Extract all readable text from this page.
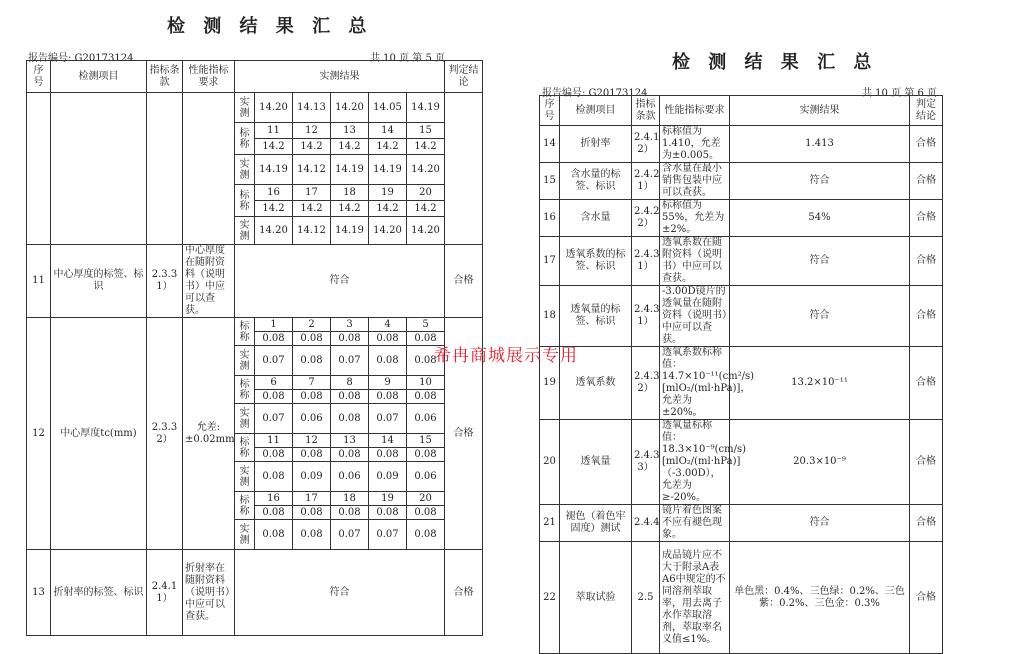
检 测 结 果 汇 总
报告编号: G20173124	共 10 页 第 5 页
序号	检测项目	指标条款	性能指标要求	实测结果						判定结论
				实测	14.20	14.13	14.20	14.05	14.19	
				标称	11	12	13	14	15	
					14.2	14.2	14.2	14.2	14.2	
				实测	14.19	14.12	14.19	14.19	14.20	
				标称	16	17	18	19	20	
					14.2	14.2	14.2	14.2	14.2	
				实测	14.20	14.12	14.19	14.20	14.20	
11	中心厚度的标签、标识	2.3.3 1）	中心厚度在随附资料（说明书）中应可以查获。	符合						合格
12	中心厚度tc(mm)	2.3.3 2）	允差:±0.02mm	标称	1	2	3	4	5	合格
					0.08	0.08	0.08	0.08	0.08	
				实测	0.07	0.08	0.07	0.08	0.08	
				标称	6	7	8	9	10	
					0.08	0.08	0.08	0.08	0.08	
				实测	0.07	0.06	0.08	0.07	0.06	
				标称	11	12	13	14	15	
					0.08	0.08	0.08	0.08	0.08	
				实测	0.08	0.09	0.06	0.09	0.06	
				标称	16	17	18	19	20	
					0.08	0.08	0.08	0.08	0.08	
				实测	0.08	0.08	0.07	0.07	0.08	
13	折射率的标签、标识	2.4.1 1）	折射率在随附资料（说明书）中应可以查获。	符合						合格
检 测 结 果 汇 总
报告编号: G20173124	共 10 页 第 6 页
序号	检测项目	指标条款	性能指标要求	实测结果	判定结论
14	折射率	2.4.1 2）	标称值为1.410，允差为±0.005。	1.413	合格
15	含水量的标签、标识	2.4.2 1）	含水量在最小销售包装中应可以查获。	符合	合格
16	含水量	2.4.2 2）	标称值为55%，允差为±2%。	54%	合格
17	透氧系数的标签、标识	2.4.3 1）	透氧系数在随附资料（说明书）中应可以查获。	符合	合格
18	透氧量的标签、标识	2.4.3 1）	-3.00D镜片的透氧量在随附资料（说明书）中应可以查获。	符合	合格
19	透氧系数	2.4.3 2）	透氧系数标称值：14.7×10⁻¹¹(cm²/s)[mlO₂/(ml·hPa)]，允差为±20%。	13.2×10⁻¹¹	合格
20	透氧量	2.4.3 3）	透氧量标称值：18.3×10⁻⁹(cm/s)[mlO₂/(ml·hPa)]（-3.00D），允差为≥-20%。	20.3×10⁻⁹	合格
21	褪色（着色牢固度）测试	2.4.4	镜片着色图案不应有褪色现象。	符合	合格
22	萃取试验	2.5	成品镜片应不大于附录A表A6中规定的不同溶剂萃取率，用去离子水作萃取溶剂，萃取率名义值≤1%。	单色黑：0.4%、三色绿：0.2%、三色紫：0.2%、三色金：0.3%	合格
希冉商城展示专用
